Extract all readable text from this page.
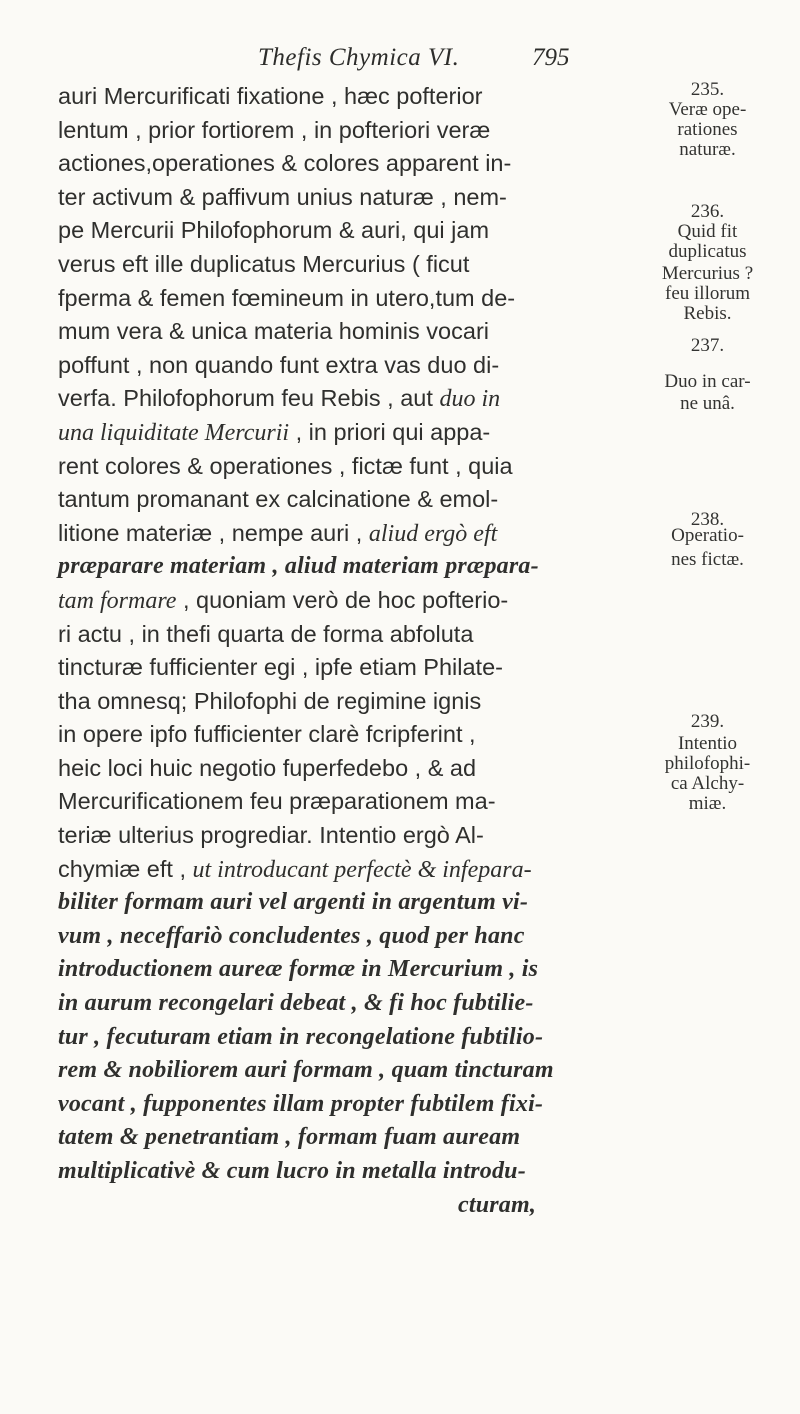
Thefis Chymica VI.	795
auri Mercurificati fixatione , hæc pofterior
lentum , prior fortiorem , in pofteriori veræ
actiones,operationes & colores apparent in-
ter activum & paffivum unius naturæ , nem-
pe Mercurii Philofophorum & auri, qui jam
verus eft ille duplicatus Mercurius ( ficut
fperma & femen fœmineum in utero,tum de-
mum vera & unica materia hominis vocari
poffunt , non quando funt extra vas duo di-
verfa. Philofophorum feu Rebis , aut duo in
una liquiditate Mercurii , in priori qui appa-
rent colores & operationes , fictæ funt , quia
tantum promanant ex calcinatione & emol-
litione materiæ , nempe auri , aliud ergò eft
præparare materiam , aliud materiam præpara-
tam formare , quoniam verò de hoc pofterio-
ri actu , in thefi quarta de forma abfoluta
tincturæ fufficienter egi , ipfe etiam Philate-
tha omnesq; Philofophi de regimine ignis
in opere ipfo fufficienter clarè fcripferint ,
heic loci huic negotio fuperfedebo , & ad
Mercurificationem feu præparationem ma-
teriæ ulterius progrediar. Intentio ergò Al-
chymiæ eft , ut introducant perfectè & infepara-
biliter formam auri vel argenti in argentum vi-
vum , neceffariò concludentes , quod per hanc
introductionem aureæ formæ in Mercurium , is
in aurum recongelari debeat , & fi hoc fubtilie-
tur , fecuturam etiam in recongelatione fubtilio-
rem & nobiliorem auri formam , quam tincturam
vocant , fupponentes illam propter fubtilem fixi-
tatem & penetrantiam , formam fuam auream
multiplicativè & cum lucro in metalla introdu-
cturam,
235.
Veræ ope-
rationes
naturæ.
236.
Quid fit
duplicatus
Mercurius ?
feu illorum
Rebis.
237.
Duo in car-
ne unâ.
238.
Operatio-
nes fictæ.
239.
Intentio
philofophi-
ca Alchy-
miæ.
